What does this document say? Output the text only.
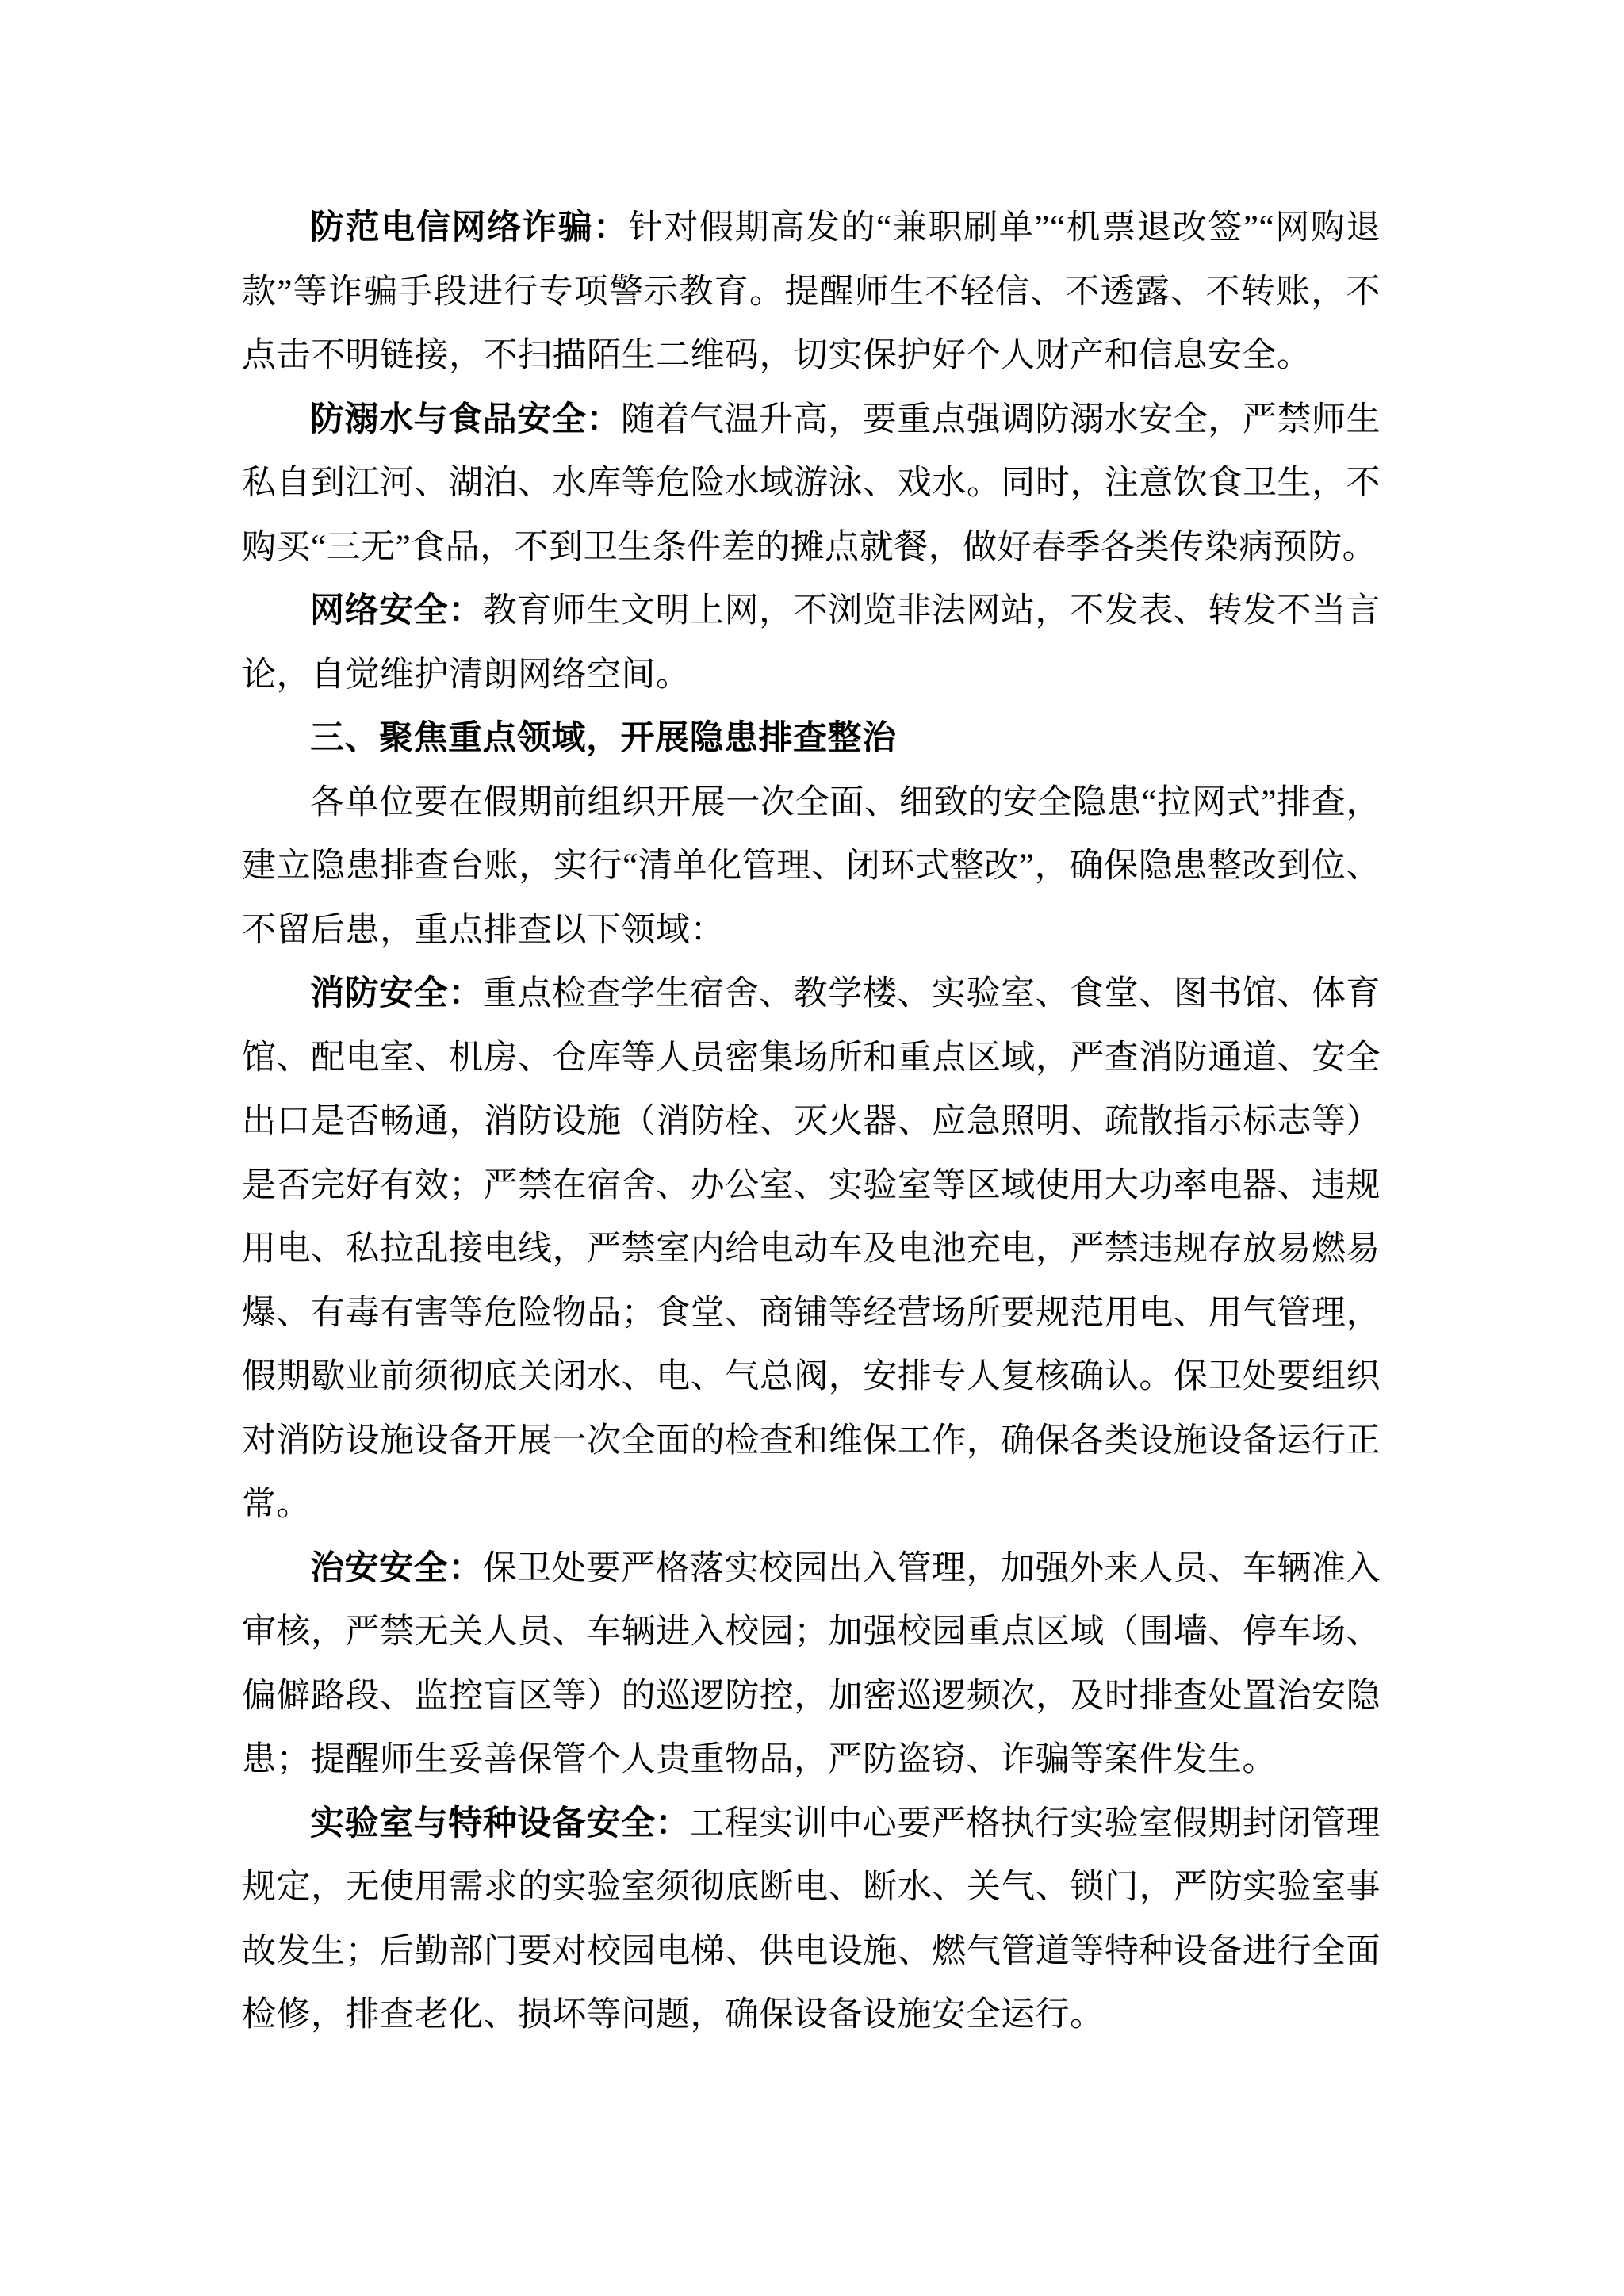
防范电信网络诈骗：针对假期高发的“兼职刷单”“机票退改签”“网购退款”等诈骗手段进行专项警示教育。提醒师生不轻信、不透露、不转账，不点击不明链接，不扫描陌生二维码，切实保护好个人财产和信息安全。

防溺水与食品安全：随着气温升高，要重点强调防溺水安全，严禁师生私自到江河、湖泊、水库等危险水域游泳、戏水。同时，注意饮食卫生，不购买“三无”食品，不到卫生条件差的摊点就餐，做好春季各类传染病预防。

网络安全：教育师生文明上网，不浏览非法网站，不发表、转发不当言论，自觉维护清朗网络空间。

三、聚焦重点领域，开展隐患排查整治

各单位要在假期前组织开展一次全面、细致的安全隐患“拉网式”排查，建立隐患排查台账，实行“清单化管理、闭环式整改”，确保隐患整改到位、不留后患，重点排查以下领域：

消防安全：重点检查学生宿舍、教学楼、实验室、食堂、图书馆、体育馆、配电室、机房、仓库等人员密集场所和重点区域，严查消防通道、安全出口是否畅通，消防设施（消防栓、灭火器、应急照明、疏散指示标志等）是否完好有效；严禁在宿舍、办公室、实验室等区域使用大功率电器、违规用电、私拉乱接电线，严禁室内给电动车及电池充电，严禁违规存放易燃易爆、有毒有害等危险物品；食堂、商铺等经营场所要规范用电、用气管理，假期歇业前须彻底关闭水、电、气总阀，安排专人复核确认。保卫处要组织对消防设施设备开展一次全面的检查和维保工作，确保各类设施设备运行正常。

治安安全：保卫处要严格落实校园出入管理，加强外来人员、车辆准入审核，严禁无关人员、车辆进入校园；加强校园重点区域（围墙、停车场、偏僻路段、监控盲区等）的巡逻防控，加密巡逻频次，及时排查处置治安隐患；提醒师生妥善保管个人贵重物品，严防盗窃、诈骗等案件发生。

实验室与特种设备安全：工程实训中心要严格执行实验室假期封闭管理规定，无使用需求的实验室须彻底断电、断水、关气、锁门，严防实验室事故发生；后勤部门要对校园电梯、供电设施、燃气管道等特种设备进行全面检修，排查老化、损坏等问题，确保设备设施安全运行。
